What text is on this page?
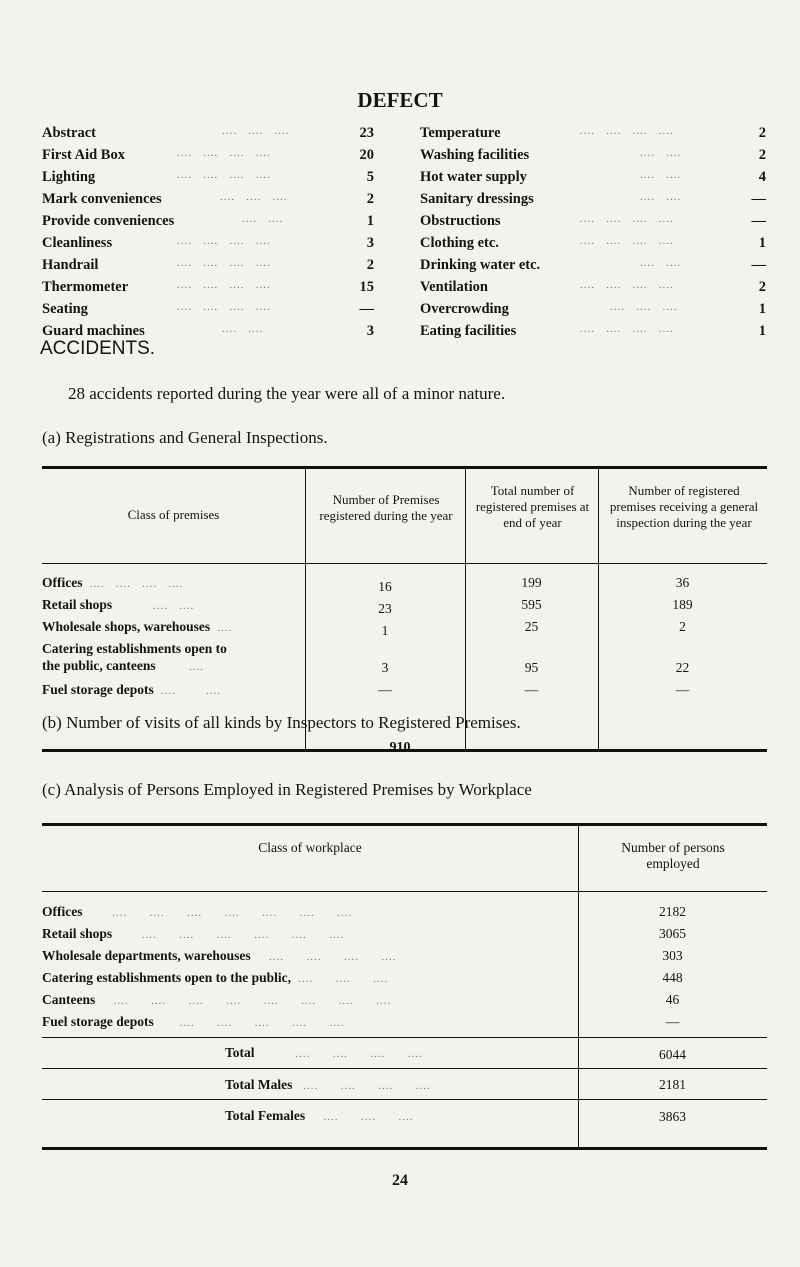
DEFECT
Abstract	....   ....   ....	23
First Aid Box	....   ....   ....   ....	20
Lighting	....   ....   ....   ....	5
Mark conveniences	....   ....   ....	2
Provide conveniences	....   ....	1
Cleanliness	....   ....   ....   ....	3
Handrail	....   ....   ....   ....	2
Thermometer	....   ....   ....   ....	15
Seating	....   ....   ....   ....	—
Guard machines	....   ....	3
Temperature	....   ....   ....   ....	2
Washing facilities	....   ....	2
Hot water supply	....   ....	4
Sanitary dressings	....   ....	—
Obstructions	....   ....   ....   ....	—
Clothing etc.	....   ....   ....   ....	1
Drinking water etc.	....   ....	—
Ventilation	....   ....   ....   ....	2
Overcrowding	....   ....   ....	1
Eating facilities	....   ....   ....   ....	1
ACCIDENTS.
28 accidents reported during the year were all of a minor nature.
(a) Registrations and General Inspections.
Class of premises
Number of Premises registered during the year
Total number of registered premises at end of year
Number of registered premises receiving a general inspection during the year
Offices  ....   ....   ....   ....	16	199	36
Retail shops           ....   ....	23	595	189
Wholesale shops, warehouses  ....	1	25	2
Catering establishments open to
the public, canteens         ....	3	95	22
Fuel storage depots  ....        ....	—	—	—
(b) Number of visits of all kinds by Inspectors to Registered Premises.
910
(c) Analysis of Persons Employed in Registered Premises by Workplace
Class of workplace	Number of persons employed
Offices        ....      ....      ....      ....      ....      ....      ....	2182
Retail shops        ....      ....      ....      ....      ....      ....	3065
Wholesale departments, warehouses     ....      ....      ....      ....	303
Catering establishments open to the public,  ....      ....      ....	448
Canteens     ....      ....      ....      ....      ....      ....      ....      ....	46
Fuel storage depots       ....      ....      ....      ....      ....	—
Total           ....      ....      ....      ....	6044
Total Males   ....      ....      ....      ....	2181
Total Females     ....      ....      ....	3863
24
